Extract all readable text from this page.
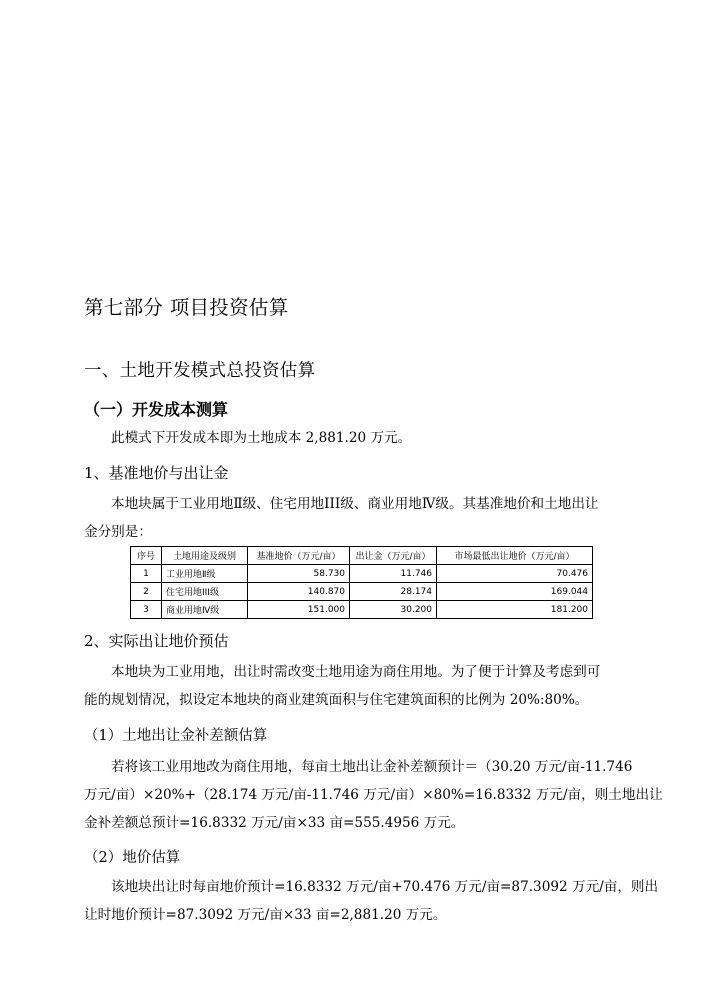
第七部分 项目投资估算
一、土地开发模式总投资估算
（一）开发成本测算
此模式下开发成本即为土地成本 2,881.20 万元。
1、基准地价与出让金
本地块属于工业用地Ⅱ级、住宅用地III级、商业用地Ⅳ级。其基准地价和土地出让
金分别是：
序号	土地用途及级别	基准地价（万元/亩）	出让金（万元/亩）	市场最低出让地价（万元/亩）
1	工业用地Ⅱ级	58.730	11.746	70.476
2	住宅用地III级	140.870	28.174	169.044
3	商业用地Ⅳ级	151.000	30.200	181.200
2、实际出让地价预估
本地块为工业用地，出让时需改变土地用途为商住用地。为了便于计算及考虑到可
能的规划情况，拟设定本地块的商业建筑面积与住宅建筑面积的比例为 20%:80%。
（1）土地出让金补差额估算
若将该工业用地改为商住用地，每亩土地出让金补差额预计＝（30.20 万元/亩-11.746
万元/亩）×20%+（28.174 万元/亩-11.746 万元/亩）×80%=16.8332 万元/亩，则土地出让
金补差额总预计=16.8332 万元/亩×33 亩=555.4956 万元。
（2）地价估算
该地块出让时每亩地价预计=16.8332 万元/亩+70.476 万元/亩=87.3092 万元/亩，则出
让时地价预计=87.3092 万元/亩×33 亩=2,881.20 万元。
